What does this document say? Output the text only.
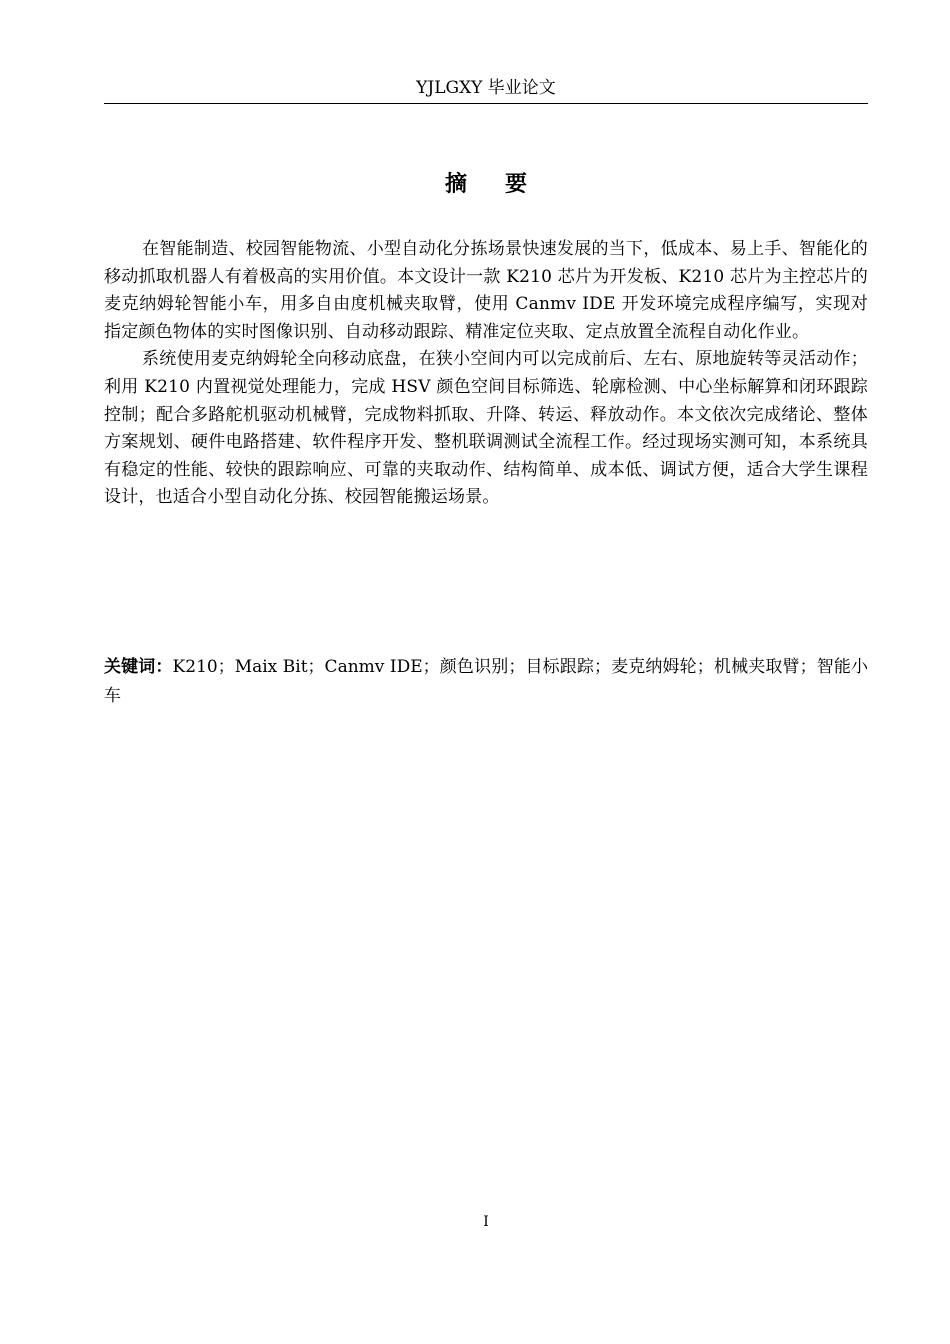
YJLGXY 毕业论文
摘要

在智能制造、校园智能物流、小型自动化分拣场景快速发展的当下，低成本、易上手、智能化的移动抓取机器人有着极高的实用价值。本文设计一款 K210 芯片为开发板、K210 芯片为主控芯片的麦克纳姆轮智能小车，用多自由度机械夹取臂，使用 Canmv IDE 开发环境完成程序编写，实现对指定颜色物体的实时图像识别、自动移动跟踪、精准定位夹取、定点放置全流程自动化作业。

系统使用麦克纳姆轮全向移动底盘，在狭小空间内可以完成前后、左右、原地旋转等灵活动作；利用 K210 内置视觉处理能力，完成 HSV 颜色空间目标筛选、轮廓检测、中心坐标解算和闭环跟踪控制；配合多路舵机驱动机械臂，完成物料抓取、升降、转运、释放动作。本文依次完成绪论、整体方案规划、硬件电路搭建、软件程序开发、整机联调测试全流程工作。经过现场实测可知，本系统具有稳定的性能、较快的跟踪响应、可靠的夹取动作、结构简单、成本低、调试方便，适合大学生课程设计，也适合小型自动化分拣、校园智能搬运场景。

关键词：K210；Maix Bit；Canmv IDE；颜色识别；目标跟踪；麦克纳姆轮；机械夹取臂；智能小车
I
